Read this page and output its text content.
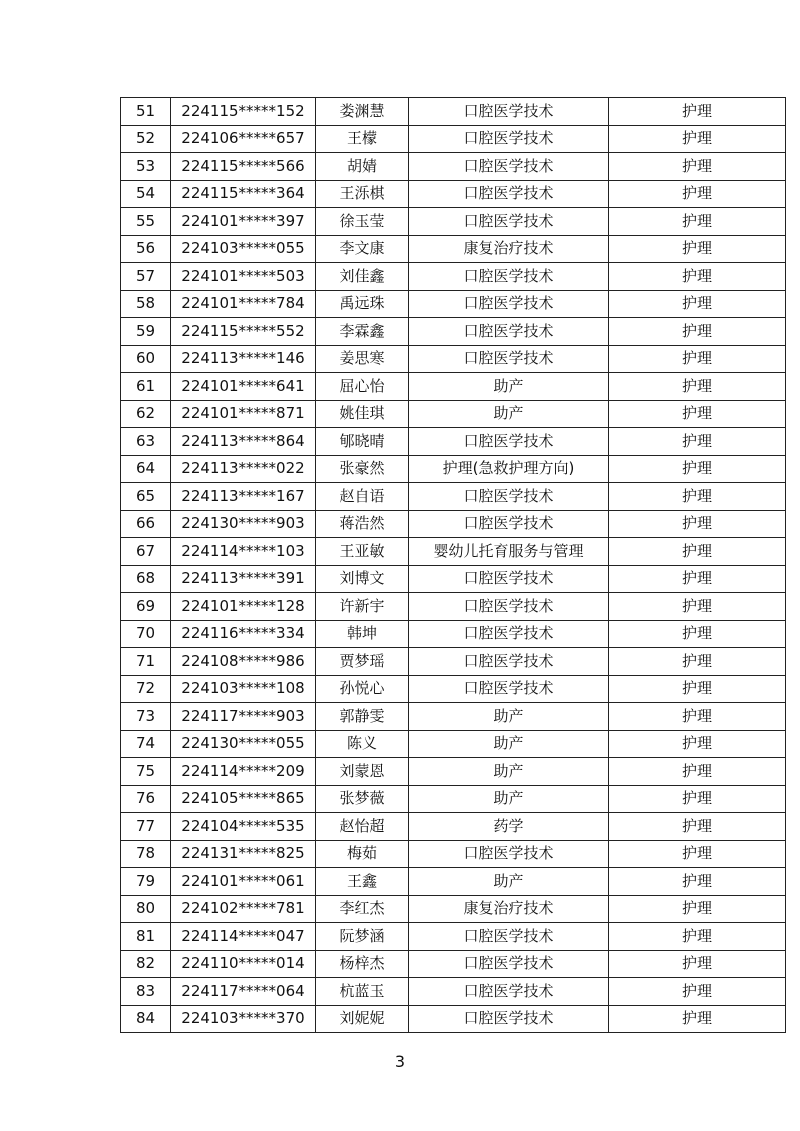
51	224115*****152	娄渊慧	口腔医学技术	护理
52	224106*****657	王檬	口腔医学技术	护理
53	224115*****566	胡婧	口腔医学技术	护理
54	224115*****364	王泺棋	口腔医学技术	护理
55	224101*****397	徐玉莹	口腔医学技术	护理
56	224103*****055	李文康	康复治疗技术	护理
57	224101*****503	刘佳鑫	口腔医学技术	护理
58	224101*****784	禹远珠	口腔医学技术	护理
59	224115*****552	李霖鑫	口腔医学技术	护理
60	224113*****146	姜思寒	口腔医学技术	护理
61	224101*****641	屈心怡	助产	护理
62	224101*****871	姚佳琪	助产	护理
63	224113*****864	郇晓晴	口腔医学技术	护理
64	224113*****022	张豪然	护理(急救护理方向)	护理
65	224113*****167	赵自语	口腔医学技术	护理
66	224130*****903	蒋浩然	口腔医学技术	护理
67	224114*****103	王亚敏	婴幼儿托育服务与管理	护理
68	224113*****391	刘博文	口腔医学技术	护理
69	224101*****128	许新宇	口腔医学技术	护理
70	224116*****334	韩坤	口腔医学技术	护理
71	224108*****986	贾梦瑶	口腔医学技术	护理
72	224103*****108	孙悦心	口腔医学技术	护理
73	224117*****903	郭静雯	助产	护理
74	224130*****055	陈义	助产	护理
75	224114*****209	刘蒙恩	助产	护理
76	224105*****865	张梦薇	助产	护理
77	224104*****535	赵怡超	药学	护理
78	224131*****825	梅茹	口腔医学技术	护理
79	224101*****061	王鑫	助产	护理
80	224102*****781	李红杰	康复治疗技术	护理
81	224114*****047	阮梦涵	口腔医学技术	护理
82	224110*****014	杨梓杰	口腔医学技术	护理
83	224117*****064	杭蓝玉	口腔医学技术	护理
84	224103*****370	刘妮妮	口腔医学技术	护理
3
